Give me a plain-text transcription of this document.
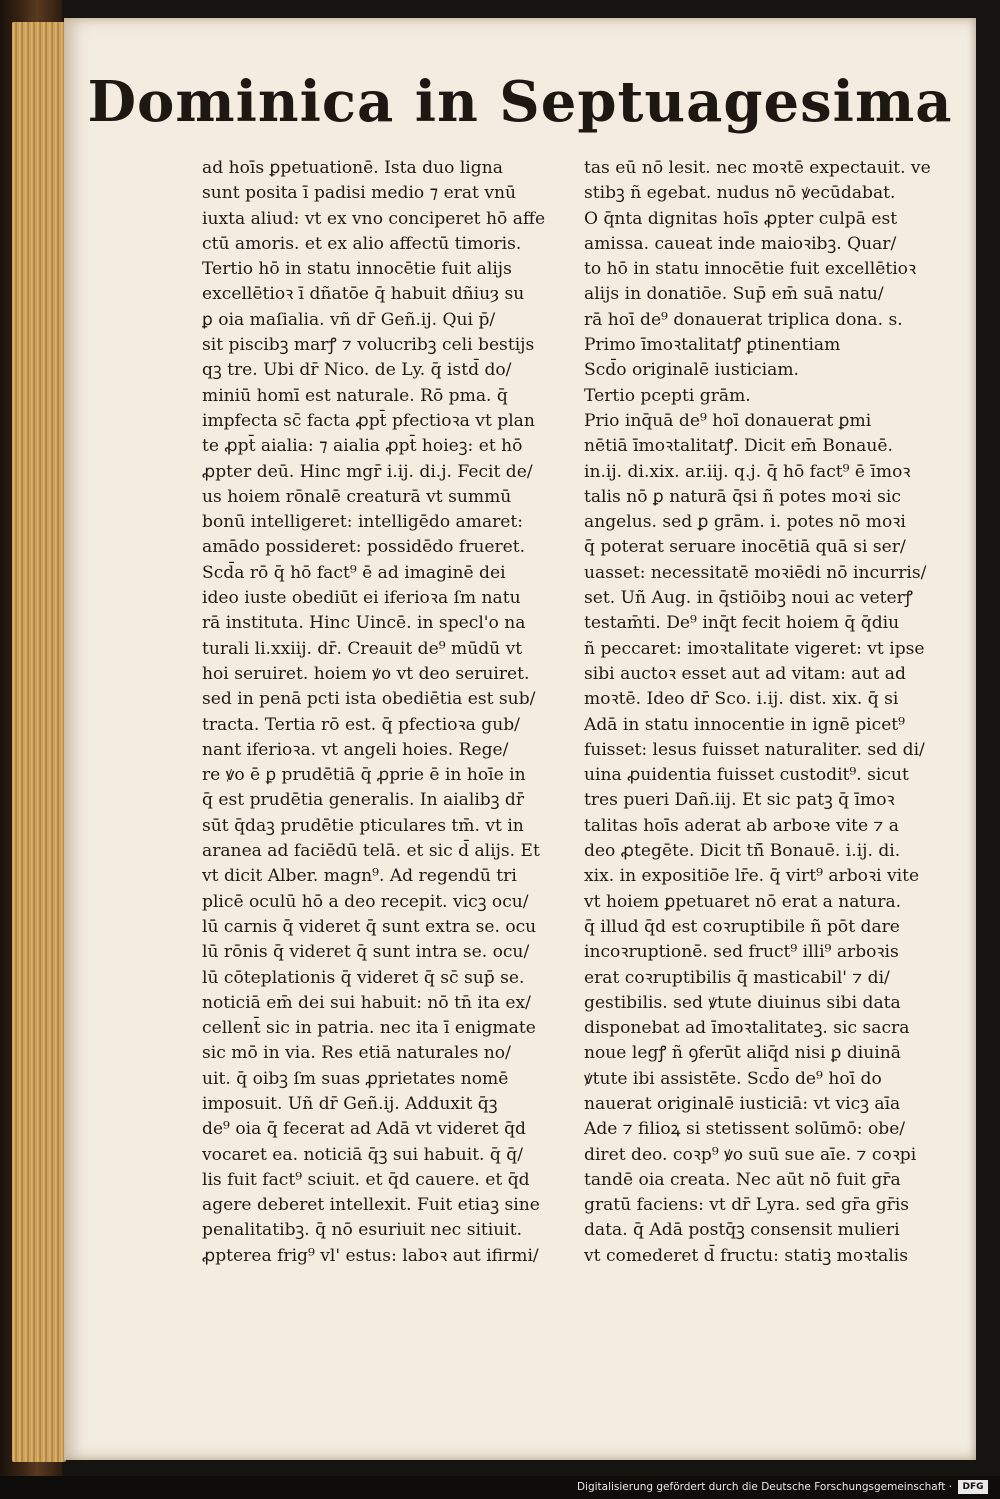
Dominica in Septuagesima
ad hoīs ꝑpetuationē. Ista duo ligna
sunt posita ī padisi medio ⁊ erat vnū
iuxta aliud: vt ex vno conciperet hō affe
ctū amoris. et ex alio affectū timoris.
Tertio hō in statu innocētie fuit alijs
excellētioꝛ ī dñatōe q̄ habuit dñiuȝ su
ꝑ oia maſialia. vñ dr̄ Geñ.ij. Qui p̄/
sit piscibꝫ marꝭ ⁊ volucribꝫ celi bestijs
qꝫ tre. Ubi dr̄ Nico. de Ly. q̄ istd̄ do/
miniū homī est naturale. Rō pma. q̄
impfecta sc̄ facta ꝓpt̄ pfectioꝛa vt plan
te ꝓpt̄ aialia: ⁊ aialia ꝓpt̄ hoieꝫ: et hō
ꝓpter deū. Hinc mgr̄ i.ij. di.j. Fecit de/
us hoiem rōnalē creaturā vt summū
bonū intelligeret: intelligēdo amaret:
amādo possideret: possidēdo frueret.
Scd̄a rō q̄ hō fact⁹ ē ad imaginē dei
ideo iuste obediūt ei iferioꝛa ſm natu
rā instituta. Hinc Uincē. in specl'o na
turali li.xxiij. dr̄. Creauit de⁹ mūdū vt
hoi seruiret. hoiem ꝟo vt deo seruiret.
sed in penā pcti ista obediētia est sub/
tracta. Tertia rō est. q̄ pfectioꝛa gub/
nant iferioꝛa. vt angeli hoies. Rege/
re ꝟo ē ꝑ prudētiā q̄ ꝓprie ē in hoīe in
q̄ est prudētia generalis. In aialibꝫ dr̄
sūt q̄daꝫ prudētie pticulares tm̄. vt in
aranea ad faciēdū telā. et sic d̄ alijs. Et
vt dicit Alber. magn⁹. Ad regendū tri
plicē oculū hō a deo recepit. vicꝫ ocu/
lū carnis q̄ videret q̄ sunt extra se. ocu
lū rōnis q̄ videret q̄ sunt intra se. ocu/
lū cōteplationis q̄ videret q̄ sc̄ sup̄ se.
noticiā em̄ dei sui habuit: nō tn̄ ita ex/
cellent̄ sic in patria. nec ita ī enigmate
sic mō in via. Res etiā naturales no/
uit. q̄ oibꝫ ſm suas ꝓprietates nomē
imposuit. Uñ dr̄ Geñ.ij. Adduxit q̄ꝫ
de⁹ oia q̄ fecerat ad Adā vt videret q̄d
vocaret ea. noticiā q̄ꝫ sui habuit. q̄ q̄/
lis fuit fact⁹ sciuit. et q̄d cauere. et q̄d
agere deberet intellexit. Fuit etiaꝫ sine
penalitatibꝫ. q̄ nō esuriuit nec sitiuit.
ꝓpterea frig⁹ vl' estus: laboꝛ aut ifirmi/
tas eū nō lesit. nec moꝛtē expectauit. ve
stibꝫ ñ egebat. nudus nō ꝟecūdabat.
O q̄nta dignitas hoīs ꝓpter culpā est
amissa. caueat inde maioꝛibꝫ. Quar/
to hō in statu innocētie fuit excellētioꝛ
alijs in donatiōe. Sup̄ em̄ suā natu/
rā hoī de⁹ donauerat triplica dona. s.
Primo īmoꝛtalitatꝭ ꝑtinentiam
Scd̄o originalē iusticiam.
Tertio pcepti grām.
Prio inq̄uā de⁹ hoī donauerat ꝑmi
nētiā īmoꝛtalitatꝭ. Dicit em̄ Bonauē.
in.ij. di.xix. ar.iij. q.j. q̄ hō fact⁹ ē īmoꝛ
talis nō ꝑ naturā q̄si ñ potes moꝛi sic
angelus. sed ꝑ grām. i. potes nō moꝛi
q̄ poterat seruare inocētiā quā si ser/
uasset: necessitatē moꝛiēdi nō incurris/
set. Uñ Aug. in q̄stiōibꝫ noui ac veterꝭ
testam̄ti. De⁹ inq̄t fecit hoiem q̄ q̄diu
ñ peccaret: imoꝛtalitate vigeret: vt ipse
sibi auctoꝛ esset aut ad vitam: aut ad
moꝛtē. Ideo dr̄ Sco. i.ij. dist. xix. q̄ si
Adā in statu innocentie in ignē picet⁹
fuisset: lesus fuisset naturaliter. sed di/
uina ꝓuidentia fuisset custodit⁹. sicut
tres pueri Dañ.iij. Et sic patꝫ q̄ īmoꝛ
talitas hoīs aderat ab arboꝛe vite ⁊ a
deo ꝓtegēte. Dicit tñ̄ Bonauē. i.ij. di.
xix. in expositiōe lr̄e. q̄ virt⁹ arboꝛi vite
vt hoiem ꝑpetuaret nō erat a natura.
q̄ illud q̄d est coꝛruptibile ñ pōt dare
incoꝛruptionē. sed fruct⁹ illi⁹ arboꝛis
erat coꝛruptibilis q̄ masticabil' ⁊ di/
gestibilis. sed ꝟtute diuinus sibi data
disponebat ad īmoꝛtalitateꝫ. sic sacra
noue legꝭ ñ ꝯferūt aliq̄d nisi ꝑ diuinā
ꝟtute ibi assistēte. Scd̄o de⁹ hoī do
nauerat originalē iusticiā: vt vicꝫ aīa
Ade ⁊ filioꝝ si stetissent solūmō: obe/
diret deo. coꝛp⁹ ꝟo suū sue aīe. ⁊ coꝛpi
tandē oia creata. Nec aūt nō fuit gr̄a
gratū faciens: vt dr̄ Lyra. sed gr̄a gr̄is
data. q̄ Adā postq̄ꝫ consensit mulieri
vt comederet d̄ fructu: statiꝫ moꝛtalis
Digitalisierung gefördert durch die Deutsche Forschungsgemeinschaft ·	DFG
